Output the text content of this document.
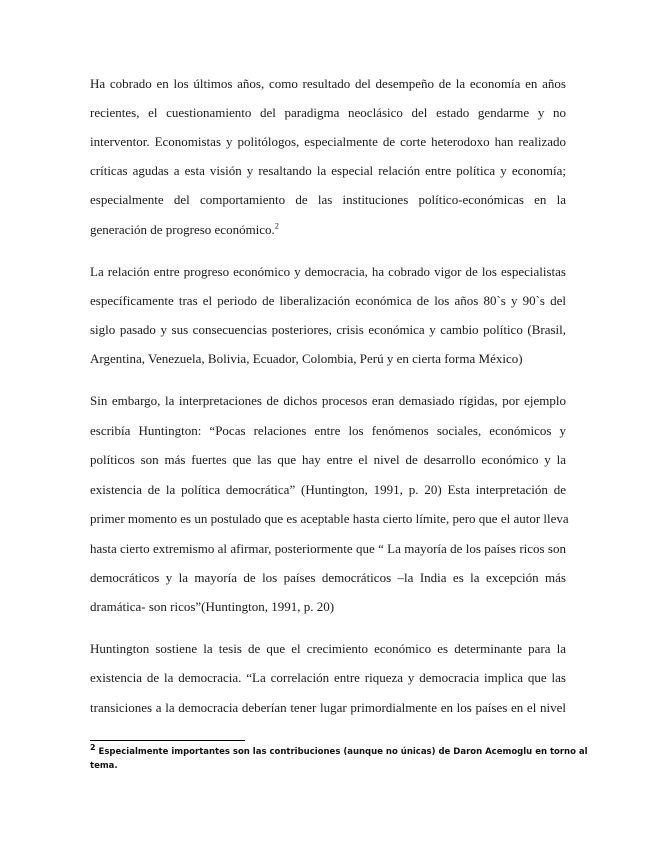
Ha cobrado en los últimos años, como resultado del desempeño de la economía en años
recientes, el cuestionamiento del paradigma neoclásico del estado gendarme y no
interventor. Economistas y politólogos, especialmente de corte heterodoxo han realizado
críticas agudas a esta visión y resaltando la especial relación entre política y economía;
especialmente del comportamiento de las instituciones político-económicas en la
generación de progreso económico.$^2$
La relación entre progreso económico y democracia, ha cobrado vigor de los especialistas
específicamente tras el periodo de liberalización económica de los años 80`s y 90`s del
siglo pasado y sus consecuencias posteriores, crisis económica y cambio político (Brasil,
Argentina, Venezuela, Bolivia, Ecuador, Colombia, Perú y en cierta forma México)
Sin embargo, la interpretaciones de dichos procesos eran demasiado rígidas, por ejemplo
escribía Huntington: “Pocas relaciones entre los fenómenos sociales, económicos y
políticos son más fuertes que las que hay entre el nivel de desarrollo económico y la
existencia de la política democrática” (Huntington, 1991, p. 20) Esta interpretación de
primer momento es un postulado que es aceptable hasta cierto límite, pero que el autor lleva
hasta cierto extremismo al afirmar, posteriormente que “ La mayoría de los países ricos son
democráticos y la mayoría de los países democráticos –la India es la excepción más
dramática- son ricos”(Huntington, 1991, p. 20)
Huntington sostiene la tesis de que el crecimiento económico es determinante para la
existencia de la democracia. “La correlación entre riqueza y democracia implica que las
transiciones a la democracia deberían tener lugar primordialmente en los países en el nivel
$^2$ Especialmente importantes son las contribuciones (aunque no únicas) de Daron Acemoglu en torno al
tema.
